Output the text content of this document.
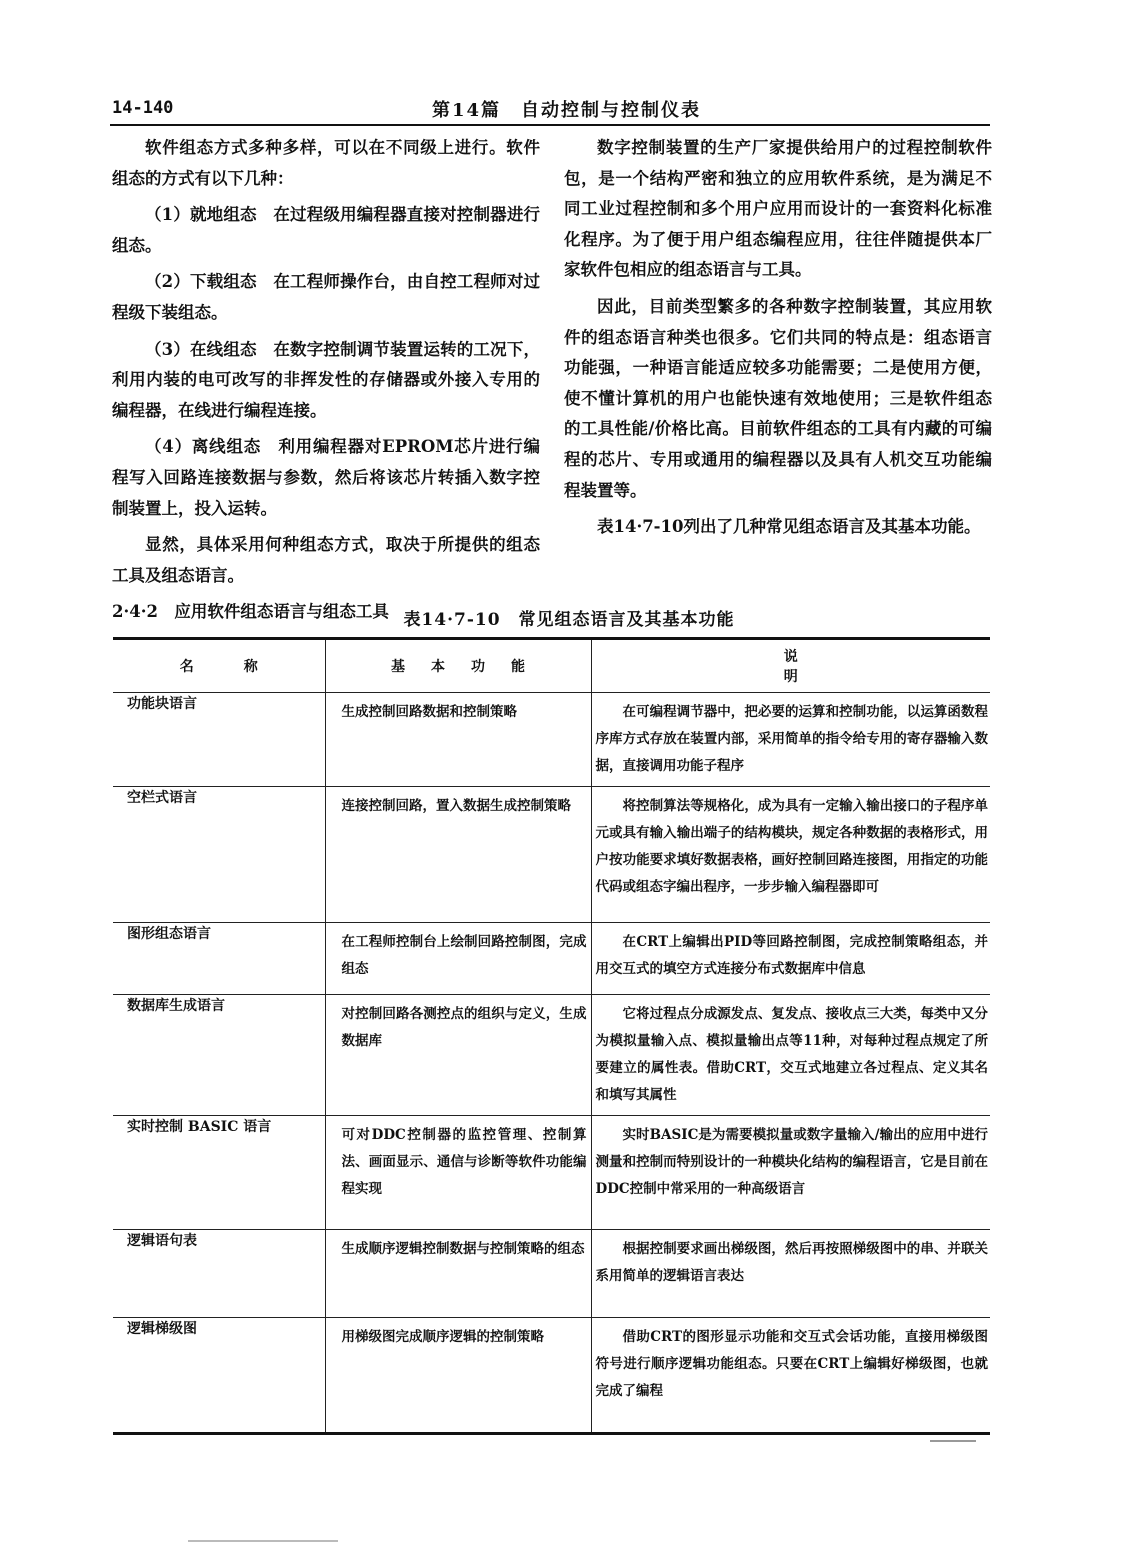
14-140	第14篇　自动控制与控制仪表

软件组态方式多种多样，可以在不同级上进行。软件组态的方式有以下几种：

（1）就地组态　在过程级用编程器直接对控制器进行组态。

（2）下载组态　在工程师操作台，由自控工程师对过程级下装组态。

（3）在线组态　在数字控制调节装置运转的工况下，利用内装的电可改写的非挥发性的存储器或外接入专用的编程器，在线进行编程连接。

（4）离线组态　利用编程器对EPROM芯片进行编程写入回路连接数据与参数，然后将该芯片转插入数字控制装置上，投入运转。

显然，具体采用何种组态方式，取决于所提供的组态工具及组态语言。

2·4·2　应用软件组态语言与组态工具

数字控制装置的生产厂家提供给用户的过程控制软件包，是一个结构严密和独立的应用软件系统，是为满足不同工业过程控制和多个用户应用而设计的一套资料化标准化程序。为了便于用户组态编程应用，往往伴随提供本厂家软件包相应的组态语言与工具。

因此，目前类型繁多的各种数字控制装置，其应用软件的组态语言种类也很多。它们共同的特点是：组态语言功能强，一种语言能适应较多功能需要；二是使用方便，使不懂计算机的用户也能快速有效地使用；三是软件组态的工具性能/价格比高。目前软件组态的工具有内藏的可编程的芯片、专用或通用的编程器以及具有人机交互功能编程装置等。

表14·7-10列出了几种常见组态语言及其基本功能。

表14·7-10　常见组态语言及其基本功能
名称	基本功能	说明
功能块语言	生成控制回路数据和控制策略	在可编程调节器中，把必要的运算和控制功能，以运算函数程序库方式存放在装置内部，采用简单的指令给专用的寄存器输入数据，直接调用功能子程序

空栏式语言	连接控制回路，置入数据生成控制策略	将控制算法等规格化，成为具有一定输入输出接口的子程序单元或具有输入输出端子的结构模块，规定各种数据的表格形式，用户按功能要求填好数据表格，画好控制回路连接图，用指定的功能代码或组态字编出程序，一步步输入编程器即可

图形组态语言	在工程师控制台上绘制回路控制图，完成组态	在CRT上编辑出PID等回路控制图，完成控制策略组态，并用交互式的填空方式连接分布式数据库中信息

数据库生成语言	对控制回路各测控点的组织与定义，生成数据库	它将过程点分成源发点、复发点、接收点三大类，每类中又分为模拟量输入点、模拟量输出点等11种，对每种过程点规定了所要建立的属性表。借助CRT，交互式地建立各过程点、定义其名和填写其属性

实时控制 BASIC 语言	可对DDC控制器的监控管理、控制算法、画面显示、通信与诊断等软件功能编程实现	实时BASIC是为需要模拟量或数字量输入/输出的应用中进行测量和控制而特别设计的一种模块化结构的编程语言，它是目前在DDC控制中常采用的一种高级语言

逻辑语句表	生成顺序逻辑控制数据与控制策略的组态	根据控制要求画出梯级图，然后再按照梯级图中的串、并联关系用简单的逻辑语言表达

逻辑梯级图	用梯级图完成顺序逻辑的控制策略	借助CRT的图形显示功能和交互式会话功能，直接用梯级图符号进行顺序逻辑功能组态。只要在CRT上编辑好梯级图，也就完成了编程
